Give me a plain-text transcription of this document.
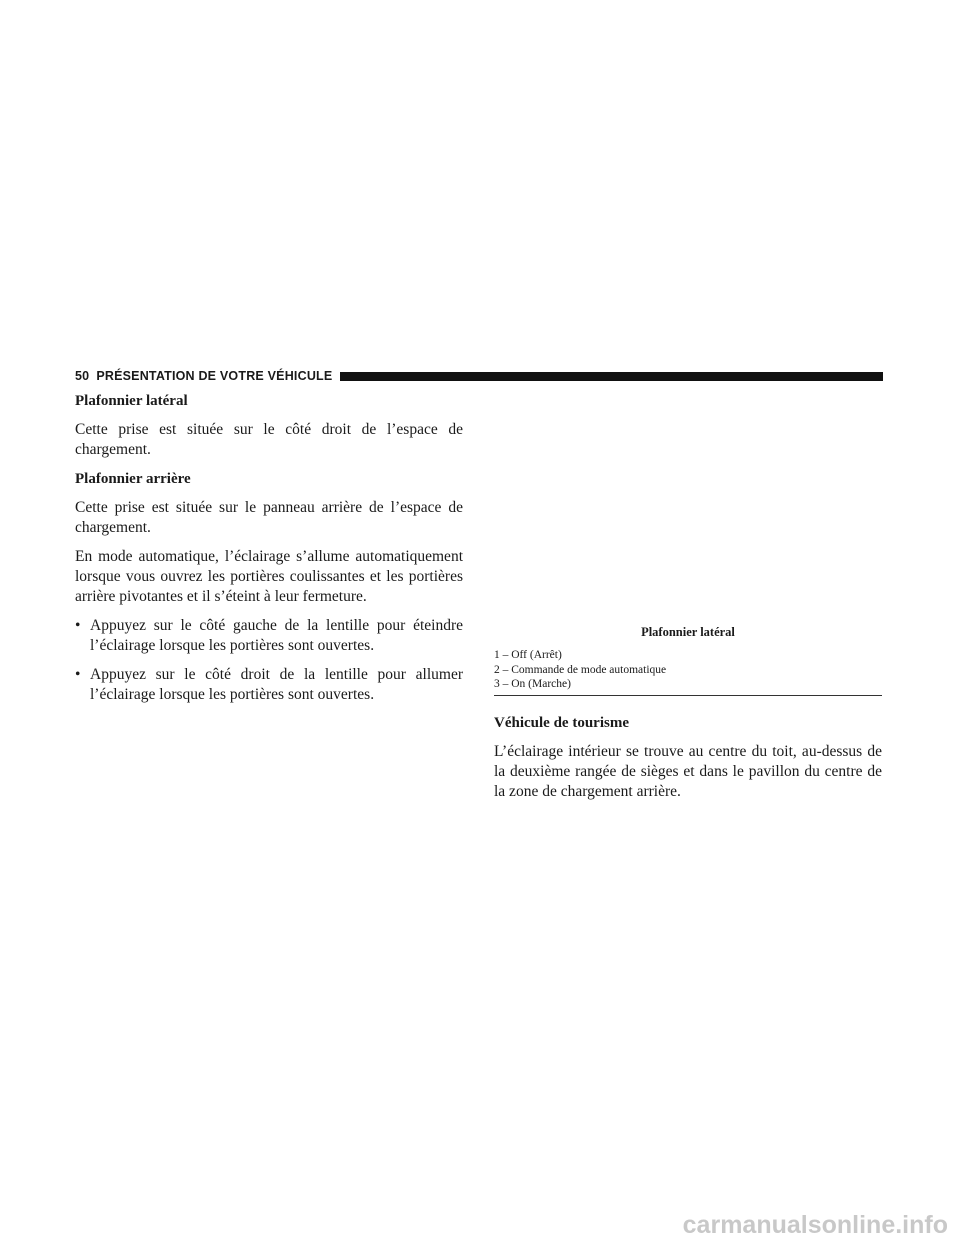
50 PRÉSENTATION DE VOTRE VÉHICULE
Plafonnier latéral

Cette prise est située sur le côté droit de l’espace de chargement.

Plafonnier arrière

Cette prise est située sur le panneau arrière de l’espace de chargement.

En mode automatique, l’éclairage s’allume automatiquement lorsque vous ouvrez les portières coulissantes et les portières arrière pivotantes et il s’éteint à leur fermeture.

• Appuyez sur le côté gauche de la lentille pour éteindre l’éclairage lorsque les portières sont ouvertes.
• Appuyez sur le côté droit de la lentille pour allumer l’éclairage lorsque les portières sont ouvertes.
Plafonnier latéral
1 – Off (Arrêt)
2 – Commande de mode automatique
3 – On (Marche)
Véhicule de tourisme

L’éclairage intérieur se trouve au centre du toit, au-dessus de la deuxième rangée de sièges et dans le pavillon du centre de la zone de chargement arrière.

carmanualsonline.info
